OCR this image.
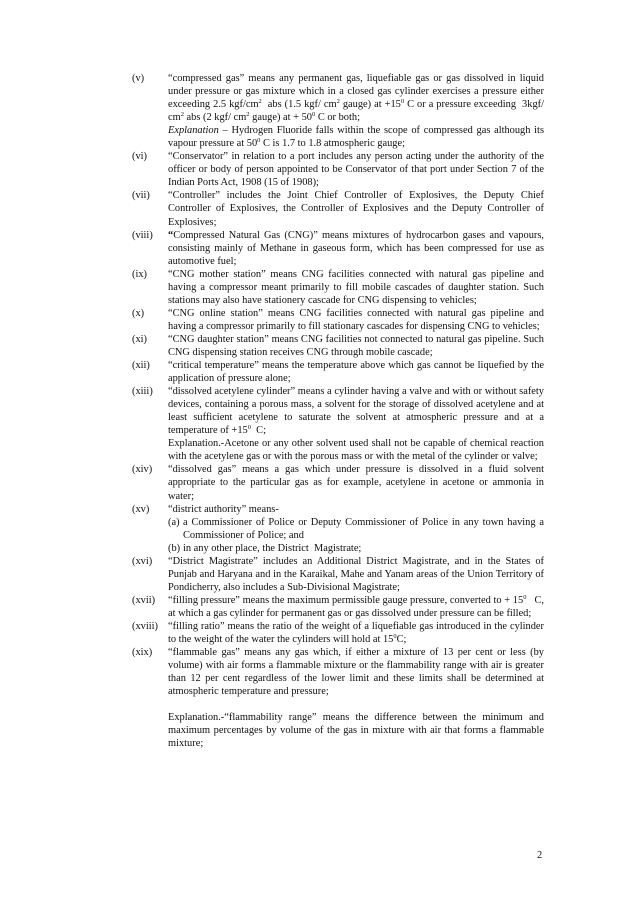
(v)	“compressed gas” means any permanent gas, liquefiable gas or gas dissolved in liquid under pressure or gas mixture which in a closed gas cylinder exercises a pressure either exceeding 2.5 kgf/$cm^2$  abs (1.5 kgf/ $cm^2$ gauge) at $+15^0$ C or a pressure exceeding  3kgf/ $cm^2$ abs (2 kgf/ $cm^2$ gauge) at + $50^0$ C or both;

Explanation – Hydrogen Fluoride falls within the scope of compressed gas although its vapour pressure at $50^0$ C is 1.7 to 1.8 atmospheric gauge;

(vi)	“Conservator” in relation to a port includes any person acting under the authority of the officer or body of person appointed to be Conservator of that port under Section 7 of the Indian Ports Act, 1908 (15 of 1908);

(vii)	“Controller” includes the Joint Chief Controller of Explosives, the Deputy Chief Controller of Explosives, the Controller of Explosives and the Deputy Controller of Explosives;

(viii)	“Compressed Natural Gas (CNG)” means mixtures of hydrocarbon gases and vapours, consisting mainly of Methane in gaseous form, which has been compressed for use as automotive fuel;

(ix)	“CNG mother station” means CNG facilities connected with natural gas pipeline and having a compressor meant primarily to fill mobile cascades of daughter station. Such stations may also have stationery cascade for CNG dispensing to vehicles;

(x)	“CNG online station” means CNG facilities connected with natural gas pipeline and having a compressor primarily to fill stationary cascades for dispensing CNG to vehicles;

(xi)	“CNG daughter station” means CNG facilities not connected to natural gas pipeline. Such CNG dispensing station receives CNG through mobile cascade;

(xii)	“critical temperature” means the temperature above which gas cannot be liquefied by the application of pressure alone;

(xiii)	“dissolved acetylene cylinder” means a cylinder having a valve and with or without safety devices, containing a porous mass, a solvent for the storage of dissolved acetylene and at least sufficient acetylene to saturate the solvent at atmospheric pressure and at a temperature of $+15^0$  C;

Explanation.-Acetone or any other solvent used shall not be capable of chemical reaction with the acetylene gas or with the porous mass or with the metal of the cylinder or valve;

(xiv)	“dissolved gas” means a gas which under pressure is dissolved in a fluid solvent appropriate to the particular gas as for example, acetylene in acetone or ammonia in water;

(xv)	“district authority” means-

(a) a Commissioner of Police or Deputy Commissioner of Police in any town having a Commissioner of Police; and
(b) in any other place, the District  Magistrate;
(xvi)	“District Magistrate” includes an Additional District Magistrate, and in the States of Punjab and Haryana and in the Karaikal, Mahe and Yanam areas of the Union Territory of Pondicherry, also includes a Sub-Divisional Magistrate;

(xvii)	“filling pressure” means the maximum permissible gauge pressure, converted to + $15^0$   C, at which a gas cylinder for permanent gas or gas dissolved under pressure can be filled;

(xviii) “filling ratio” means the ratio of the weight of a liquefiable gas introduced in the cylinder to the weight of the water the cylinders will hold at $15^0C$;

(xix)	“flammable gas” means any gas which, if either a mixture of 13 per cent or less (by volume) with air forms a flammable mixture or the flammability range with air is greater than 12 per cent regardless of the lower limit and these limits shall be determined at atmospheric temperature and pressure;

Explanation.-“flammability range” means the difference between the minimum and maximum percentages by volume of the gas in mixture with air that forms a flammable mixture;

2
